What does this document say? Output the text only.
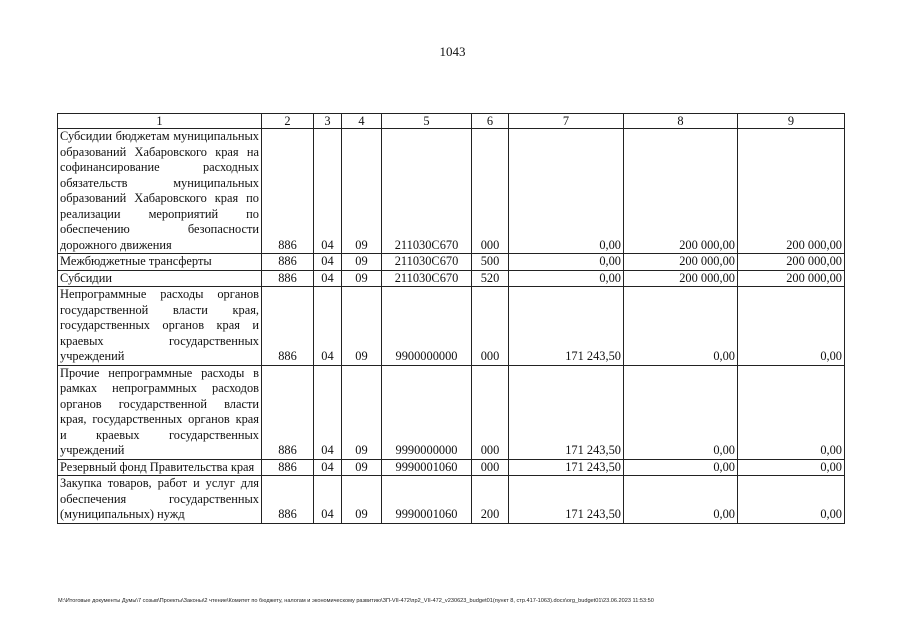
1043
1	2	3	4	5	6	7	8	9
Субсидии бюджетам муниципальных образований Хабаровского края на софинансирование расходных обязательств муниципальных образований Хабаровского края по реализации мероприятий по обеспечению безопасности дорожного движения	886	04	09	211030С670	000	0,00	200 000,00	200 000,00
Межбюджетные трансферты	886	04	09	211030С670	500	0,00	200 000,00	200 000,00
Субсидии	886	04	09	211030С670	520	0,00	200 000,00	200 000,00
Непрограммные расходы органов государственной власти края, государственных органов края и краевых государственных учреждений	886	04	09	9900000000	000	171 243,50	0,00	0,00
Прочие непрограммные расходы в рамках непрограммных расходов органов государственной власти края, государственных органов края и краевых государственных учреждений	886	04	09	9990000000	000	171 243,50	0,00	0,00
Резервный фонд Правительства края	886	04	09	9990001060	000	171 243,50	0,00	0,00
Закупка товаров, работ и услуг для обеспечения государственных (муниципальных) нужд	886	04	09	9990001060	200	171 243,50	0,00	0,00
M:\Итоговые документы Думы\7 созыв\Проекты\Законы\2 чтение\Комитет по бюджету, налогам и экономическому развитию\ЗП-VII-472\пр2_VII-472_v230623_budget01(пункт 8, стр.417-1063).docx\org_budget01\23.06.2023 11:53:50
